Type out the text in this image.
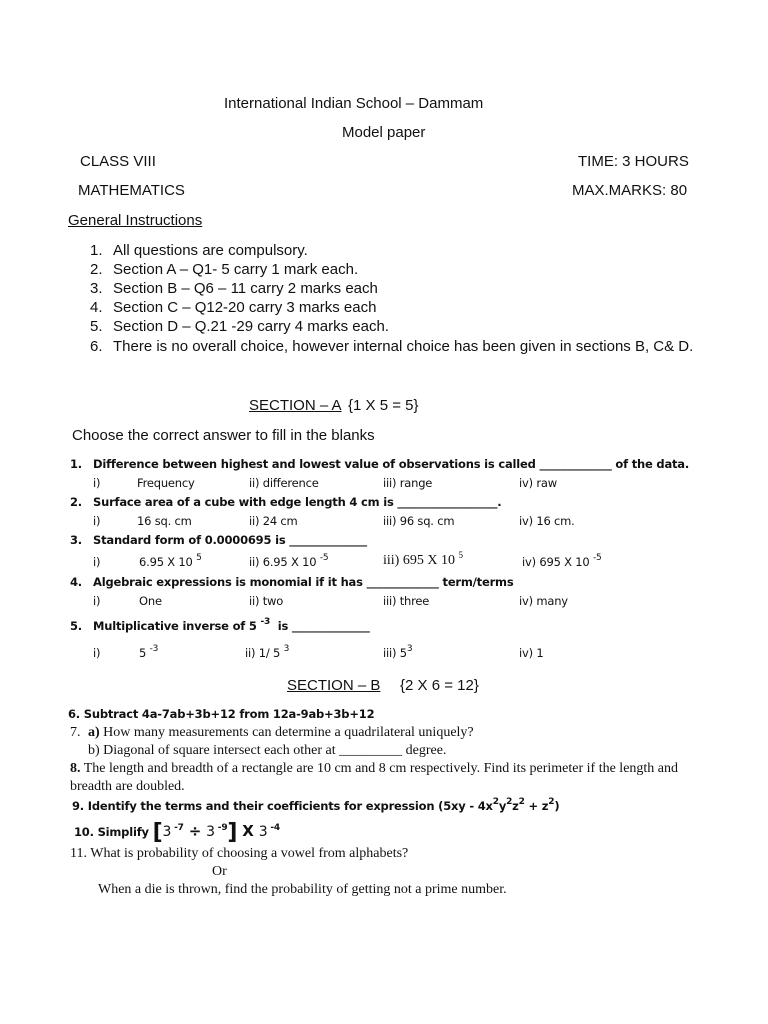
International Indian School – Dammam
Model paper
CLASS VIII	TIME: 3 HOURS
MATHEMATICS	MAX.MARKS: 80
General Instructions
1. All questions are compulsory.
2. Section A – Q1- 5 carry 1 mark each.
3. Section B – Q6 – 11 carry 2 marks each
4. Section C – Q12-20 carry 3 marks each
5. Section D – Q.21 -29 carry 4 marks each.
6. There is no overall choice, however internal choice has been given in sections B, C& D.
SECTION – A {1 X 5 = 5}
Choose the correct answer to fill in the blanks
1. Difference between highest and lowest value of observations is called _____________ of the data.
i)	Frequency	ii) difference	iii) range	iv) raw
2. Surface area of a cube with edge length 4 cm is __________________.
i)	16 sq. cm	ii) 24 cm	iii) 96 sq. cm	iv) 16 cm.
3. Standard form of 0.0000695 is ______________
i)	6.95 X 10 $^5$	ii) 6.95 X 10 $^{-5}$	iii) 695 X 10 $^5$	iv) 695 X 10 $^{-5}$
4. Algebraic expressions is monomial if it has _____________ term/terms
i)	One	ii) two	iii) three	iv) many
5. Multiplicative inverse of 5 $^{-3}$ is ______________
i)	5 $^{-3}$	ii) 1/ 5 $^3$	iii) $5^3$	iv) 1
SECTION – B {2 X 6 = 12}
6. Subtract 4a-7ab+3b+12 from 12a-9ab+3b+12
7. a) How many measurements can determine a quadrilateral uniquely?
b) Diagonal of square intersect each other at _________ degree.
8. The length and breadth of a rectangle are 10 cm and 8 cm respectively. Find its perimeter if the length and
breadth are doubled.
9. Identify the terms and their coefficients for expression $(5xy - 4x^2y^2z^2 + z^2)$
10. Simplify [3 $^{-7}$ ÷ 3 $^{-9}$] X 3 $^{-4}$
11. What is probability of choosing a vowel from alphabets?
Or
When a die is thrown, find the probability of getting not a prime number.
